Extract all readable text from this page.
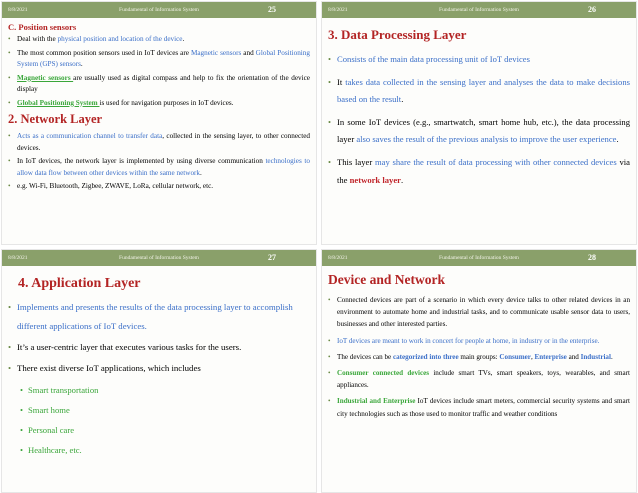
8/8/2021	Fundamental of Information System	25
C. Position sensors
• Deal with the physical position and location of the device.
• The most common position sensors used in IoT devices are Magnetic sensors and Global Positioning System (GPS) sensors.
• Magnetic sensors are usually used as digital compass and help to fix the orientation of the device display
• Global Positioning System is used for navigation purposes in IoT devices.
2. Network Layer
• Acts as a communication channel to transfer data, collected in the sensing layer, to other connected devices.
• In IoT devices, the network layer is implemented by using diverse communication technologies to allow data flow between other devices within the same network.
• e.g. Wi-Fi, Bluetooth, Zigbee, ZWAVE, LoRa, cellular network, etc.
8/8/2021	Fundamental of Information System	26
3. Data Processing Layer
• Consists of the main data processing unit of IoT devices
• It takes data collected in the sensing layer and analyses the data to make decisions based on the result.
• In some IoT devices (e.g., smartwatch, smart home hub, etc.), the data processing layer also saves the result of the previous analysis to improve the user experience.
• This layer may share the result of data processing with other connected devices via the network layer.
8/8/2021	Fundamental of Information System	27
4. Application Layer
• Implements and presents the results of the data processing layer to accomplish different applications of IoT devices.
• It’s a user-centric layer that executes various tasks for the users.
• There exist diverse IoT applications, which includes
• Smart transportation
• Smart home
• Personal care
• Healthcare, etc.
8/8/2021	Fundamental of Information System	28
Device and Network
• Connected devices are part of a scenario in which every device talks to other related devices in an environment to automate home and industrial tasks, and to communicate usable sensor data to users, businesses and other interested parties.
• IoT devices are meant to work in concert for people at home, in industry or in the enterprise.
• The devices can be categorized into three main groups: Consumer, Enterprise and Industrial.
• Consumer connected devices include smart TVs, smart speakers, toys, wearables, and smart appliances.
• Industrial and Enterprise IoT devices include smart meters, commercial security systems and smart city technologies such as those used to monitor traffic and weather conditions
